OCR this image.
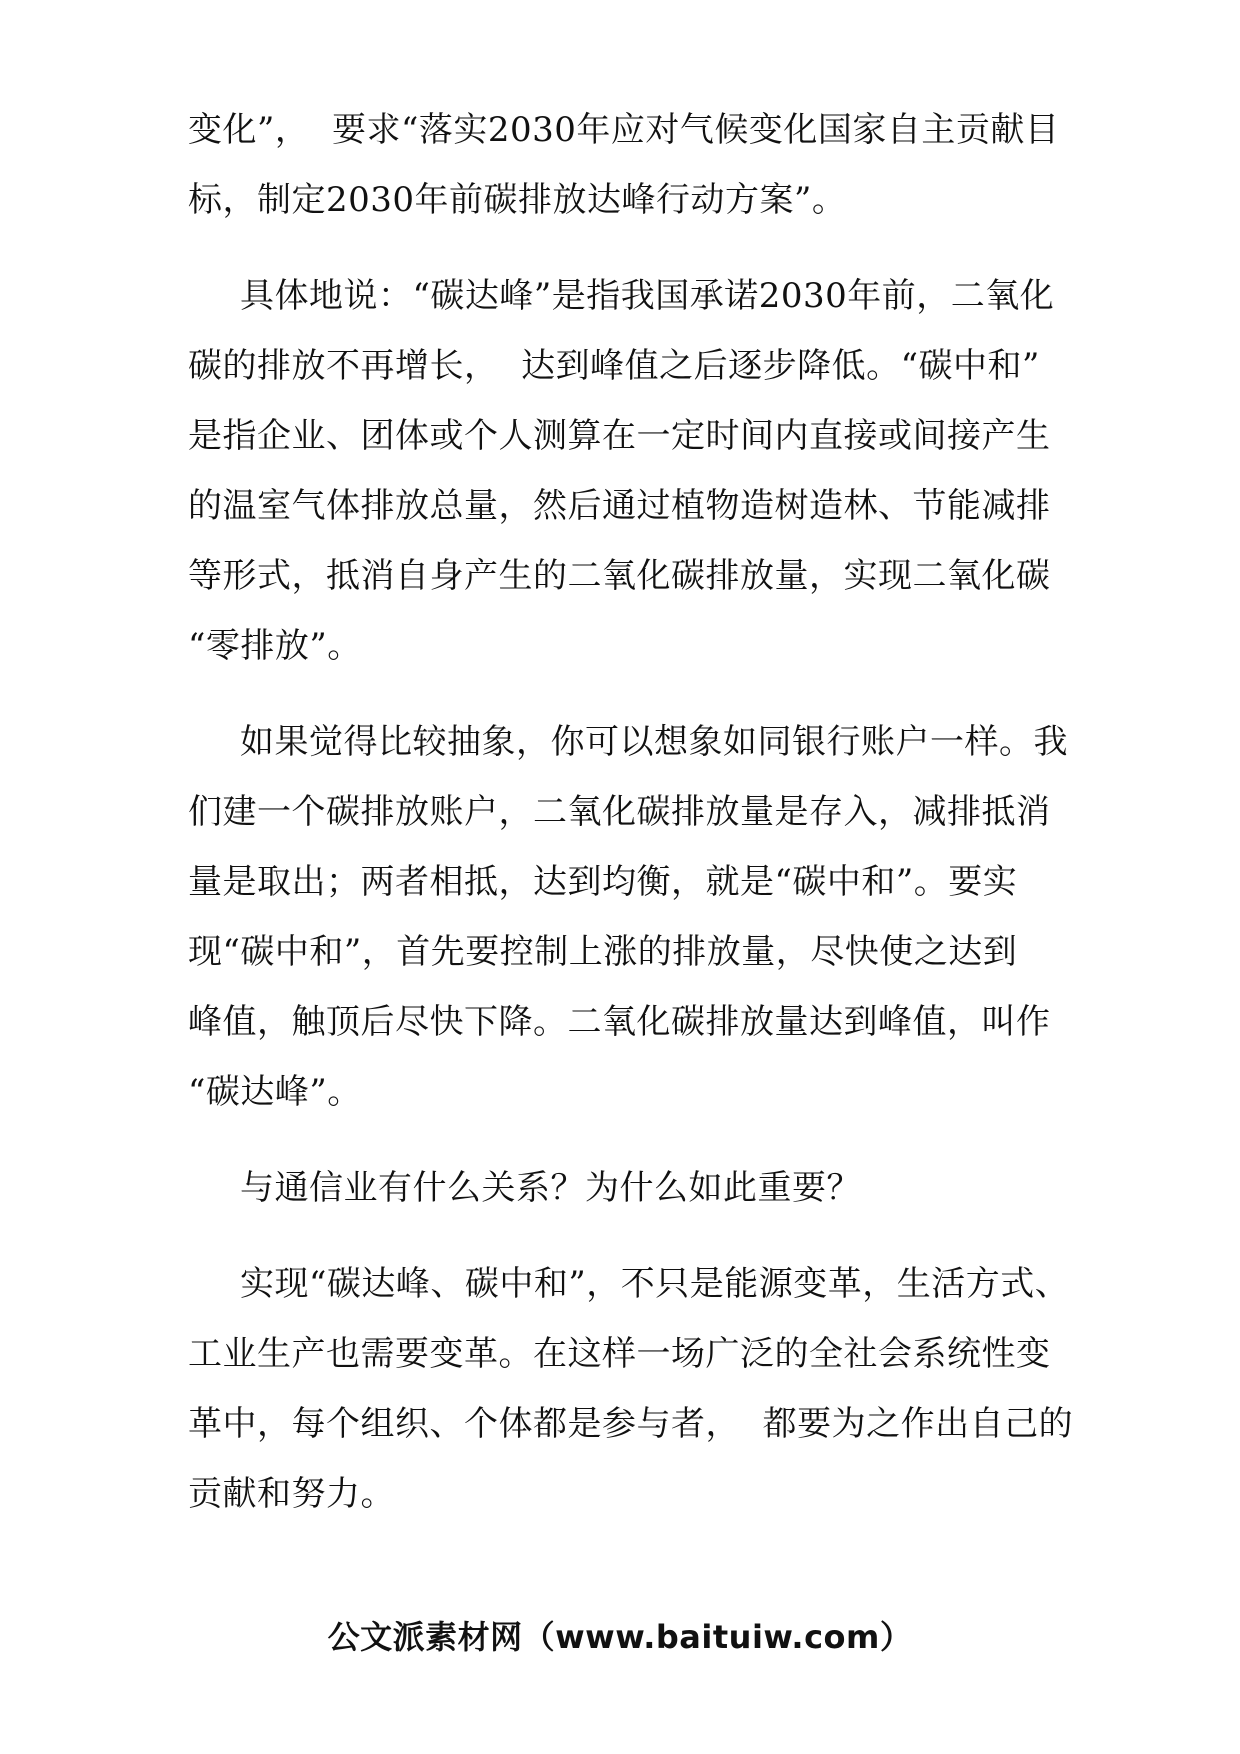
变化”，  要求“落实2030年应对气候变化国家自主贡献目
标，制定2030年前碳排放达峰行动方案”。

具体地说：“碳达峰”是指我国承诺2030年前，二氧化
碳的排放不再增长，  达到峰值之后逐步降低。“碳中和”
是指企业、团体或个人测算在一定时间内直接或间接产生
的温室气体排放总量，然后通过植物造树造林、节能减排
等形式，抵消自身产生的二氧化碳排放量，实现二氧化碳
“零排放”。

如果觉得比较抽象，你可以想象如同银行账户一样。我
们建一个碳排放账户，二氧化碳排放量是存入，减排抵消
量是取出；两者相抵，达到均衡，就是“碳中和”。要实
现“碳中和”，首先要控制上涨的排放量，尽快使之达到
峰值，触顶后尽快下降。二氧化碳排放量达到峰值，叫作
“碳达峰”。

与通信业有什么关系？为什么如此重要？

实现“碳达峰、碳中和”，不只是能源变革，生活方式、
工业生产也需要变革。在这样一场广泛的全社会系统性变
革中，每个组织、个体都是参与者，  都要为之作出自己的
贡献和努力。

公文派素材网（www.baituiw.com）
